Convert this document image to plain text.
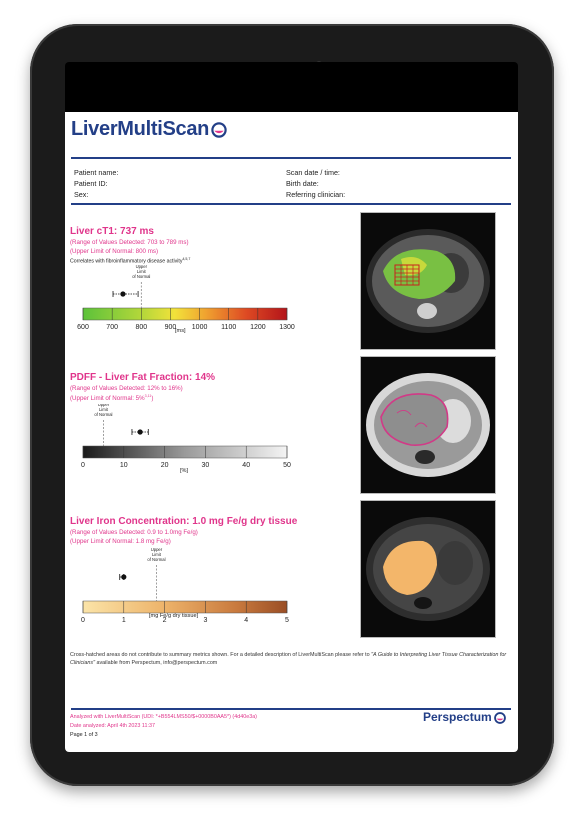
LiverMultiScan
Patient name:
Patient ID:
Sex:
Scan date / time:
Birth date:
Referring clinician:
Liver cT1: 737 ms
(Range of Values Detected: 703 to 789 ms)
(Upper Limit of Normal: 800 ms)
Correlates with fibroinflammatory disease activity$^{4,5,7}$
600 700 800 900 1000 1100 1200 1300
Upper
Limit
of Normal
[ms]
PDFF - Liver Fat Fraction: 14%
(Range of Values Detected: 12% to 16%)
(Upper Limit of Normal: 5%$^{3,11}$)
0	10	20	30	40	50
Upper
Limit
of Normal
[%]
Liver Iron Concentration: 1.0 mg Fe/g dry tissue
(Range of Values Detected: 0.9 to 1.0mg Fe/g)
(Upper Limit of Normal: 1.8 mg Fe/g)
0	1	2	3	4	5
Upper
Limit
of Normal
[mg Fe/g dry tissue]
Cross-hatched areas do not contribute to summary metrics shown. For a detailed description of LiverMultiScan please refer to "A Guide to Interpreting Liver Tissue Characterization for Clinicians" available from Perspectum, info@perspectum.com
Analyzed with LiverMultiScan (UDI: *+B554LMS50/$+0000B0AA5*) (4d40e3a)
Date analyzed: April 4th 2023 11:37
Page 1 of 3
Perspectum
